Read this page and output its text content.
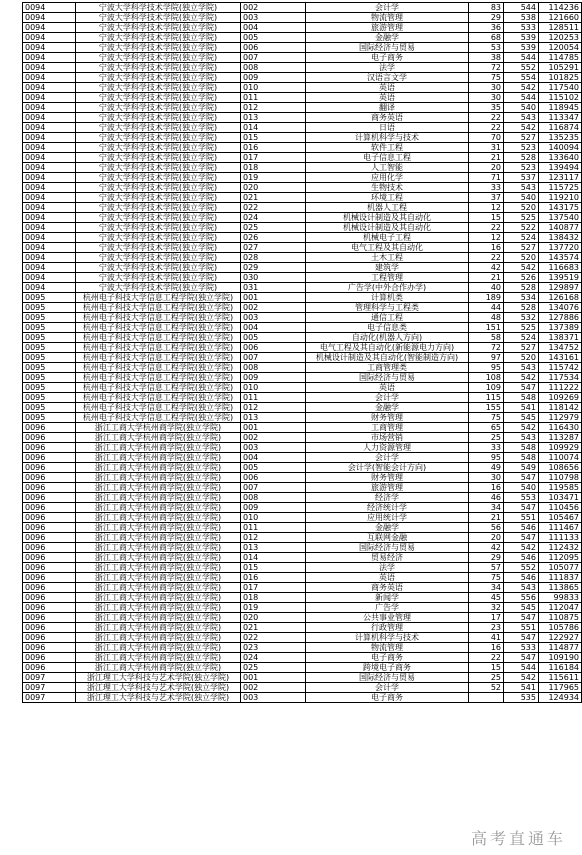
0094	宁波大学科学技术学院(独立学院)	002	会计学	83	544	114236
0094	宁波大学科学技术学院(独立学院)	003	物流管理	29	538	121660
0094	宁波大学科学技术学院(独立学院)	004	旅游管理	36	533	128511
0094	宁波大学科学技术学院(独立学院)	005	金融学	68	539	120253
0094	宁波大学科学技术学院(独立学院)	006	国际经济与贸易	53	539	120054
0094	宁波大学科学技术学院(独立学院)	007	电子商务	38	544	114785
0094	宁波大学科学技术学院(独立学院)	008	法学	72	552	105291
0094	宁波大学科学技术学院(独立学院)	009	汉语言文学	75	554	101825
0094	宁波大学科学技术学院(独立学院)	010	英语	30	542	117540
0094	宁波大学科学技术学院(独立学院)	011	英语	30	544	115102
0094	宁波大学科学技术学院(独立学院)	012	翻译	35	540	118945
0094	宁波大学科学技术学院(独立学院)	013	商务英语	22	543	113347
0094	宁波大学科学技术学院(独立学院)	014	日语	22	542	116874
0094	宁波大学科学技术学院(独立学院)	015	计算机科学与技术	70	527	135235
0094	宁波大学科学技术学院(独立学院)	016	软件工程	31	523	140094
0094	宁波大学科学技术学院(独立学院)	017	电子信息工程	21	528	133640
0094	宁波大学科学技术学院(独立学院)	018	人工智能	20	523	139494
0094	宁波大学科学技术学院(独立学院)	019	应用化学	71	537	123117
0094	宁波大学科学技术学院(独立学院)	020	生物技术	33	543	115725
0094	宁波大学科学技术学院(独立学院)	021	环境工程	37	540	119210
0094	宁波大学科学技术学院(独立学院)	022	机器人工程	12	520	143175
0094	宁波大学科学技术学院(独立学院)	024	机械设计制造及其自动化	15	525	137540
0094	宁波大学科学技术学院(独立学院)	025	机械设计制造及其自动化	22	522	140877
0094	宁波大学科学技术学院(独立学院)	026	机械电子工程	12	524	138432
0094	宁波大学科学技术学院(独立学院)	027	电气工程及其自动化	16	527	137720
0094	宁波大学科学技术学院(独立学院)	028	土木工程	22	520	143574
0094	宁波大学科学技术学院(独立学院)	029	建筑学	42	542	116683
0094	宁波大学科学技术学院(独立学院)	030	工程管理	21	526	139519
0094	宁波大学科学技术学院(独立学院)	031	广告学(中外合作办学)	40	528	129897
0095	杭州电子科技大学信息工程学院(独立学院)	001	计算机类	189	534	126168
0095	杭州电子科技大学信息工程学院(独立学院)	002	管理科学与工程类	44	528	134076
0095	杭州电子科技大学信息工程学院(独立学院)	003	通信工程	48	532	127886
0095	杭州电子科技大学信息工程学院(独立学院)	004	电子信息类	151	525	137389
0095	杭州电子科技大学信息工程学院(独立学院)	005	自动化(机器人方向)	58	524	138371
0095	杭州电子科技大学信息工程学院(独立学院)	006	电气工程及其自动化(新能源电力方向)	72	527	134752
0095	杭州电子科技大学信息工程学院(独立学院)	007	机械设计制造及其自动化(智能制造方向)	97	520	143161
0095	杭州电子科技大学信息工程学院(独立学院)	008	工商管理类	95	543	115742
0095	杭州电子科技大学信息工程学院(独立学院)	009	国际经济与贸易	108	542	117534
0095	杭州电子科技大学信息工程学院(独立学院)	010	英语	109	547	111222
0095	杭州电子科技大学信息工程学院(独立学院)	011	会计学	115	548	109269
0095	杭州电子科技大学信息工程学院(独立学院)	012	金融学	155	541	118142
0095	杭州电子科技大学信息工程学院(独立学院)	013	财务管理	75	545	112979
0096	浙江工商大学杭州商学院(独立学院)	001	工商管理	65	542	116430
0096	浙江工商大学杭州商学院(独立学院)	002	市场营销	25	543	113287
0096	浙江工商大学杭州商学院(独立学院)	003	人力资源管理	33	548	109929
0096	浙江工商大学杭州商学院(独立学院)	004	会计学	95	548	110074
0096	浙江工商大学杭州商学院(独立学院)	005	会计学(智能会计方向)	49	549	108656
0096	浙江工商大学杭州商学院(独立学院)	006	财务管理	30	547	110798
0096	浙江工商大学杭州商学院(独立学院)	007	旅游管理	16	540	119585
0096	浙江工商大学杭州商学院(独立学院)	008	经济学	46	553	103471
0096	浙江工商大学杭州商学院(独立学院)	009	经济统计学	34	547	110456
0096	浙江工商大学杭州商学院(独立学院)	010	应用统计学	21	551	105467
0096	浙江工商大学杭州商学院(独立学院)	011	金融学	56	546	111467
0096	浙江工商大学杭州商学院(独立学院)	012	互联网金融	20	547	111133
0096	浙江工商大学杭州商学院(独立学院)	013	国际经济与贸易	42	542	112432
0096	浙江工商大学杭州商学院(独立学院)	014	贸易经济	29	546	112095
0096	浙江工商大学杭州商学院(独立学院)	015	法学	57	552	105077
0096	浙江工商大学杭州商学院(独立学院)	016	英语	75	546	111837
0096	浙江工商大学杭州商学院(独立学院)	017	商务英语	34	543	113865
0096	浙江工商大学杭州商学院(独立学院)	018	新闻学	45	556	99833
0096	浙江工商大学杭州商学院(独立学院)	019	广告学	32	545	112047
0096	浙江工商大学杭州商学院(独立学院)	020	公共事业管理	17	547	110875
0096	浙江工商大学杭州商学院(独立学院)	021	行政管理	23	551	105786
0096	浙江工商大学杭州商学院(独立学院)	022	计算机科学与技术	41	547	122927
0096	浙江工商大学杭州商学院(独立学院)	023	物流管理	16	533	114877
0096	浙江工商大学杭州商学院(独立学院)	024	电子商务	22	547	109190
0096	浙江工商大学杭州商学院(独立学院)	025	跨境电子商务	15	544	116184
0097	浙江理工大学科技与艺术学院(独立学院)	001	国际经济与贸易	25	542	115611
0097	浙江理工大学科技与艺术学院(独立学院)	002	会计学	52	541	117965
0097	浙江理工大学科技与艺术学院(独立学院)	003	电子商务		535	124934
高考直通车
